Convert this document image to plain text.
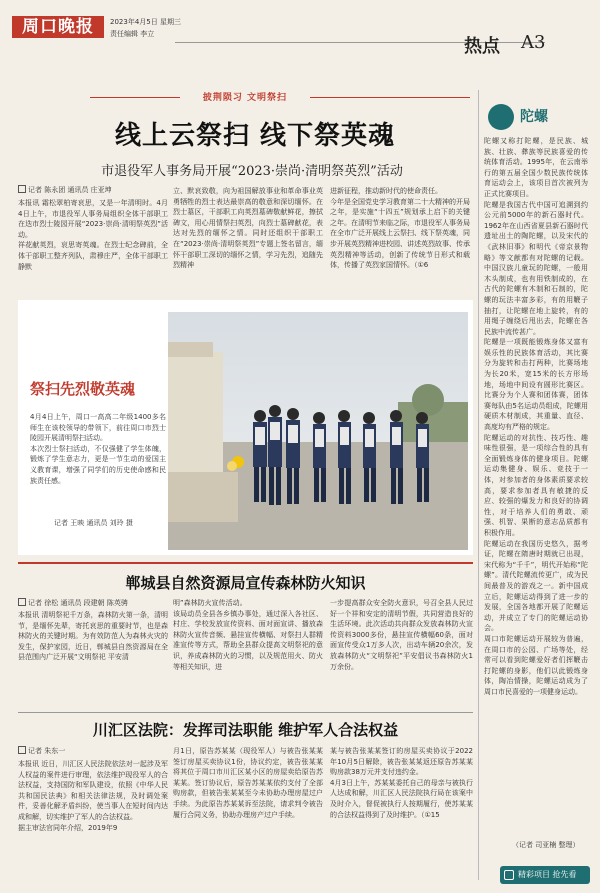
周口晚报	2023年4月5日 星期三
责任编辑 李立
热点 A3
披荆陨习 文明祭扫
线上云祭扫 线下祭英魂
市退役军人事务局开展“2023·崇尚·清明祭英烈”活动
记者 陈永团 通讯员 庄亚坤
本报讯 霜松翠柏寄哀思，又是一年清明时。4月4日上午，市退役军人事务局组织全体干部职工在迭市烈士陵园开展“2023·崇尚·清明祭英烈”活动。
祥花献英烈，哀思寄英魂。在烈士纪念碑前，全体干部职工整齐列队，肃穆庄严，全体干部职工静默
立、默哀致敬，向为祖国解放事业和革命事业英勇牺牲的烈士表达最崇高的敬意和深切缅怀。在烈士墓区，干部职工向英烈墓碑敬献鲜花，擦拭碑文，用心用情祭扫英烈，向烈士墓碑献花，表达对先烈的缅怀之情。同时还组织干部职工在“2023·崇尚·清明祭英烈”专题上签名留言，缅怀干部职工深切的缅怀之情，学习先烈，追随先烈精神
进新征程，推动新时代的使命责任。
今年是全国党史学习教育第二十大精神的开局之年，是实施“十四五”规划承上启下的关键之年。在清明节来临之际，市退役军人事务局在全市广泛开展线上云祭扫、线下祭英魂，同步开展英烈精神进校园、讲述英烈故事、传承英烈精神等活动，创新了传统节日形式和载体，传播了英烈家国情怀。（①6
祭扫先烈敬英魂
4月4日上午，周口一高高二年级1400多名师生在该校领导的带领下，前往周口市烈士陵园开展清明祭扫活动。
本次烈士祭扫活动，不仅强健了学生体魄，锻炼了学生意志力，更是一节生动的爱国主义教育课，增强了同学们的历史使命感和民族责任感。
记者 王映 通讯员 刘玲 摄
郸城县自然资源局宣传森林防火知识
记者 徐松 通讯员 段建朝 陈英骋
本报讯 清明祭祀千万条，森林防火第一条，清明节，是缅怀先辈，寄托哀思的重要时节，也是森林防火的关键时期。为有效防范人为森林火灾的发生，保护家园，近日，郸城县自然资源局在全县范围内广泛开展“文明祭祀 平安清
明”森林防火宣传活动。
该局动员全县各乡镇办事处，通过深入各社区、村庄、学校发放宣传资料、面对面宣讲、播放森林防火宣传音频、悬挂宣传横幅、对祭扫人群精准宣传等方式，帮助全县群众提高文明祭祀的意识，养成森林防火的习惯，以及规范用火、防火等相关知识，进
一步提高群众安全防火意识，号召全县人民过好一个祥和安定的清明节假，共同营造良好的生活环境。此次活动共向群众发放森林防火宣传资料3000多份，悬挂宣传横幅60条，面对面宣传受众1万多人次，出动车辆20余次，发放森林防火“文明祭祀”平安倡议书森林防火1万余份。
川汇区法院：发挥司法职能 维护军人合法权益
记者 朱东一
本报讯 近日，川汇区人民法院依法对一起涉及军人权益的案件进行审理，依法维护现役军人的合法权益，支持国防和军队建设，依照《中华人民共和国民法典》和相关法律法规，及时调处案件，妥善化解矛盾纠纷，使当事人在短时间内达成和解，切实维护了军人的合法权益。
据主审法官同年介绍，2019年9
月1日，原告苏某某（现役军人）与被告张某某签订房屋买卖协议1份，协议约定，被告张某某将其位于周口市川汇区某小区的房屋卖给原告苏某某。签订协议后，原告苏某某依约支付了全部购房款，但被告张某某至今未协助办理房屋过户手续。为此原告苏某某诉至法院，请求判令被告履行合同义务，协助办理房产过户手续。
某与被告张某某签订的房屋买卖协议于2022年10月5日解除，被告张某某返还原告苏某某购房款38万元并支付违约金。
4月3日上午，苏某某委托自己的母亲与被执行人达成和解，川汇区人民法院执行局在该案中及时介入，督促被执行人按期履行，使苏某某的合法权益得到了及时维护。（①15
陀螺
陀螺又称打陀螺，是民族、城族、壮族、彝族等民族喜爱的传统体育活动。1995年，在云南举行的第五届全国少数民族传统体育运动会上，该项目首次被列为正式比赛项目。
陀螺是我国古代中国可追溯到约公元前5000年的新石器时代。1962年在山西省夏县新石器时代遗址出土的陶陀螺，以及宋代的《武林旧事》和明代《帝京景物略》等文献都有对陀螺的记载。中国汉族儿童玩的陀螺，一般用木头制成，也有用铁制成的，在古代的陀螺有木制和石制的，陀螺的玩法丰富多彩，有的用鞭子抽打，让陀螺在地上旋转，有的用绳子缠绕后甩出去，陀螺在各民族中流传甚广。
陀螺是一项既能锻炼身体又富有娱乐性的民族体育活动，其比赛分为旋转和击打两种，比赛场地为长20米，宽15米的长方形场地，场地中间设有圆形比赛区。比赛分为个人赛和团体赛，团体赛每队由5名运动员组成，陀螺用硬质木材制成，其重量、直径、高度均有严格的规定。
陀螺运动的对抗性、技巧性、趣味性很强，是一项综合性的具有全面锻炼身体的健身项目。陀螺运动集健身、娱乐、竞技于一体，对参加者的身体素质要求较高，要求参加者具有敏捷的反应、较强的爆发力和良好的协调性，对于培养人们的勇敢、顽强、机智、果断的意志品质都有积极作用。
陀螺运动在我国历史悠久，据考证，陀螺在隋唐时期就已出现，宋代称为“千千”，明代开始称“陀螺”。清代陀螺流传更广，成为民间最普及的游戏之一。新中国成立后，陀螺运动得到了进一步的发展，全国各地都开展了陀螺运动，并成立了专门的陀螺运动协会。
周口市陀螺运动开展较为普遍，在周口市的公园、广场等处，经常可以看到陀螺爱好者们挥鞭击打陀螺的身影，他们以此锻炼身体，陶冶情操，陀螺运动成为了周口市民喜爱的一项健身运动。
（记者 司亚楠 整理）
精彩项目 抢先看
